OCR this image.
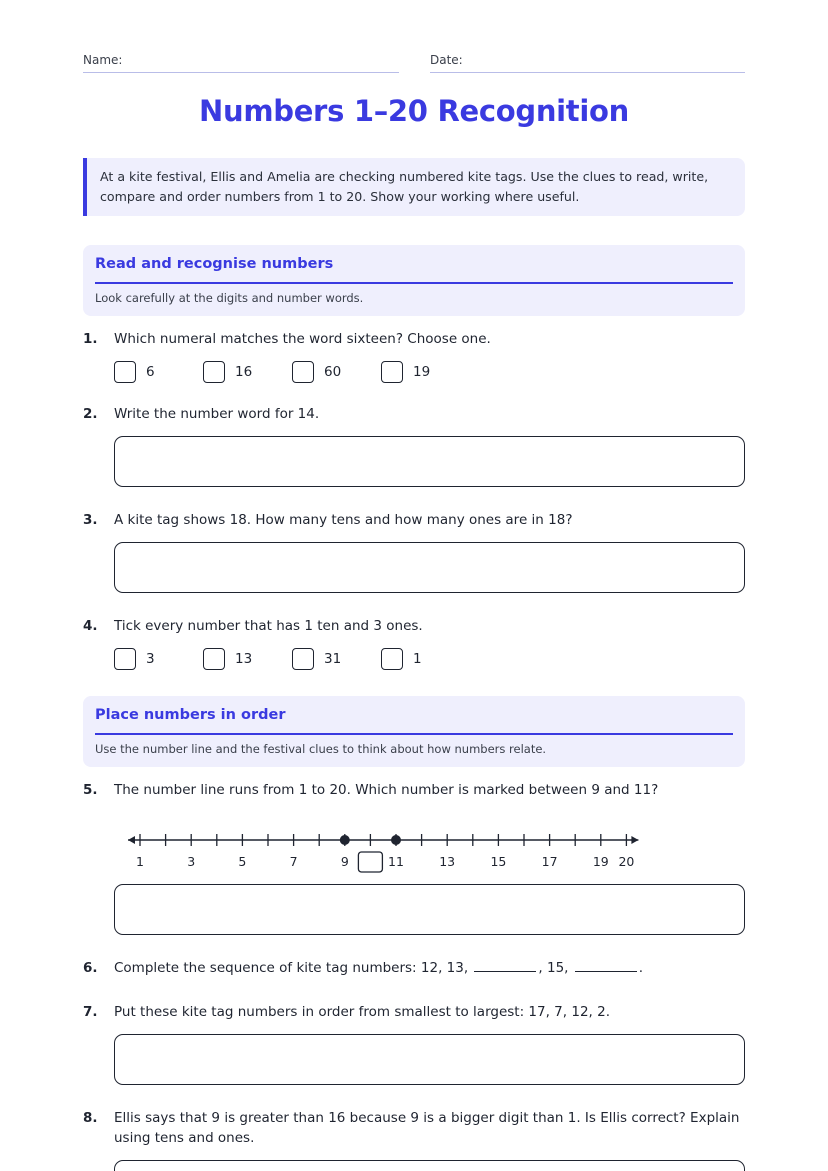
Name:	Date:
Numbers 1–20 Recognition
At a kite festival, Ellis and Amelia are checking numbered kite tags. Use the clues to read, write, compare and order numbers from 1 to 20. Show your working where useful.
Read and recognise numbers
Look carefully at the digits and number words.
1. Which numeral matches the word sixteen? Choose one.
6	16	60	19
2. Write the number word for 14.
3. A kite tag shows 18. How many tens and how many ones are in 18?
4. Tick every number that has 1 ten and 3 ones.
3	13	31	1
Place numbers in order
Use the number line and the festival clues to think about how numbers relate.
5. The number line runs from 1 to 20. Which number is marked between 9 and 11?
1	3	5	7	9	11	13	15	17	19 20
6. Complete the sequence of kite tag numbers: 12, 13,	, 15,	.
7. Put these kite tag numbers in order from smallest to largest: 17, 7, 12, 2.
8. Ellis says that 9 is greater than 16 because 9 is a bigger digit than 1. Is Ellis correct? Explain using tens and ones.
